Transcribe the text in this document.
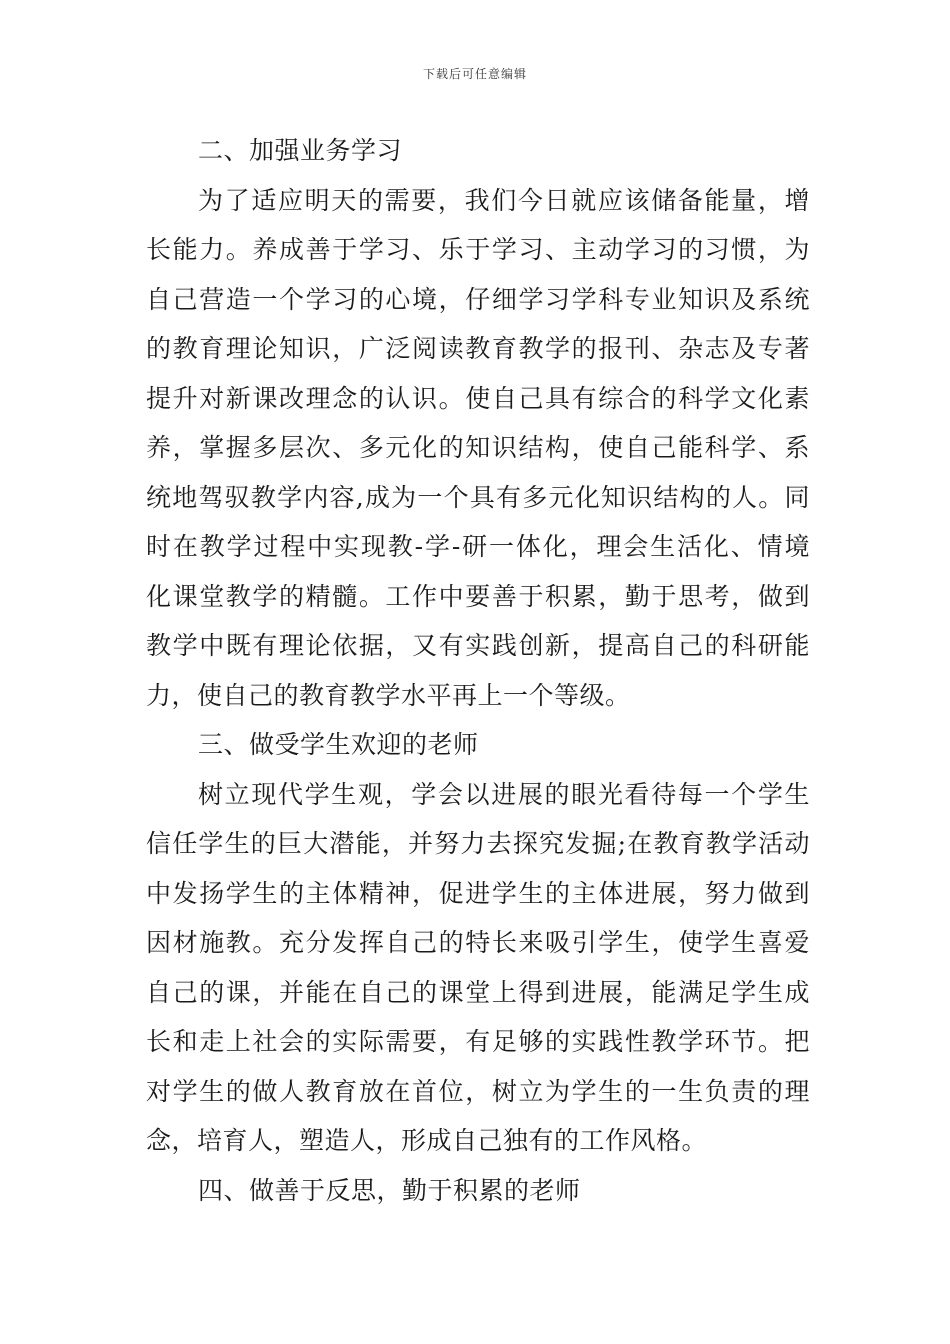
下载后可任意编辑
二、加强业务学习
为了适应明天的需要，我们今日就应该储备能量，增
长能力。养成善于学习、乐于学习、主动学习的习惯，为
自己营造一个学习的心境，仔细学习学科专业知识及系统
的教育理论知识，广泛阅读教育教学的报刊、杂志及专著
提升对新课改理念的认识。使自己具有综合的科学文化素
养，掌握多层次、多元化的知识结构，使自己能科学、系
统地驾驭教学内容,成为一个具有多元化知识结构的人。同
时在教学过程中实现教-学-研一体化，理会生活化、情境
化课堂教学的精髓。工作中要善于积累，勤于思考，做到
教学中既有理论依据，又有实践创新，提高自己的科研能
力，使自己的教育教学水平再上一个等级。
三、做受学生欢迎的老师
树立现代学生观，学会以进展的眼光看待每一个学生
信任学生的巨大潜能，并努力去探究发掘;在教育教学活动
中发扬学生的主体精神，促进学生的主体进展，努力做到
因材施教。充分发挥自己的特长来吸引学生，使学生喜爱
自己的课，并能在自己的课堂上得到进展，能满足学生成
长和走上社会的实际需要，有足够的实践性教学环节。把
对学生的做人教育放在首位，树立为学生的一生负责的理
念，培育人，塑造人，形成自己独有的工作风格。
四、做善于反思，勤于积累的老师
